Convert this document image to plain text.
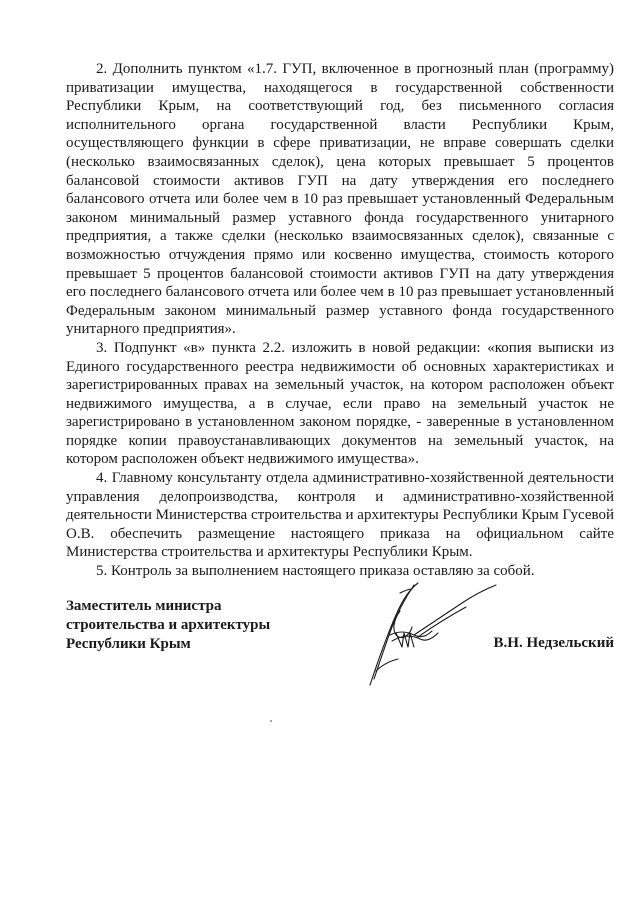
2. Дополнить пунктом «1.7. ГУП, включенное в прогнозный план (программу) приватизации имущества, находящегося в государственной собственности Республики Крым, на соответствующий год, без письменного согласия исполнительного органа государственной власти Республики Крым, осуществляющего функции в сфере приватизации, не вправе совершать сделки (несколько взаимосвязанных сделок), цена которых превышает 5 процентов балансовой стоимости активов ГУП на дату утверждения его последнего балансового отчета или более чем в 10 раз превышает установленный Федеральным законом минимальный размер уставного фонда государственного унитарного предприятия, а также сделки (несколько взаимосвязанных сделок), связанные с возможностью отчуждения прямо или косвенно имущества, стоимость которого превышает 5 процентов балансовой стоимости активов ГУП на дату утверждения его последнего балансового отчета или более чем в 10 раз превышает установленный Федеральным законом минимальный размер уставного фонда государственного унитарного предприятия».

3. Подпункт «в» пункта 2.2. изложить в новой редакции: «копия выписки из Единого государственного реестра недвижимости об основных характеристиках и зарегистрированных правах на земельный участок, на котором расположен объект недвижимого имущества, а в случае, если право на земельный участок не зарегистрировано в установленном законом порядке, - заверенные в установленном порядке копии правоустанавливающих документов на земельный участок, на котором расположен объект недвижимого имущества».

4. Главному консультанту отдела административно-хозяйственной деятельности управления делопроизводства, контроля и административно-хозяйственной деятельности Министерства строительства и архитектуры Республики Крым Гусевой О.В. обеспечить размещение настоящего приказа на официальном сайте Министерства строительства и архитектуры Республики Крым.

5. Контроль за выполнением настоящего приказа оставляю за собой.

Заместитель министра
строительства и архитектуры
Республики Крым	В.Н. Недзельский
